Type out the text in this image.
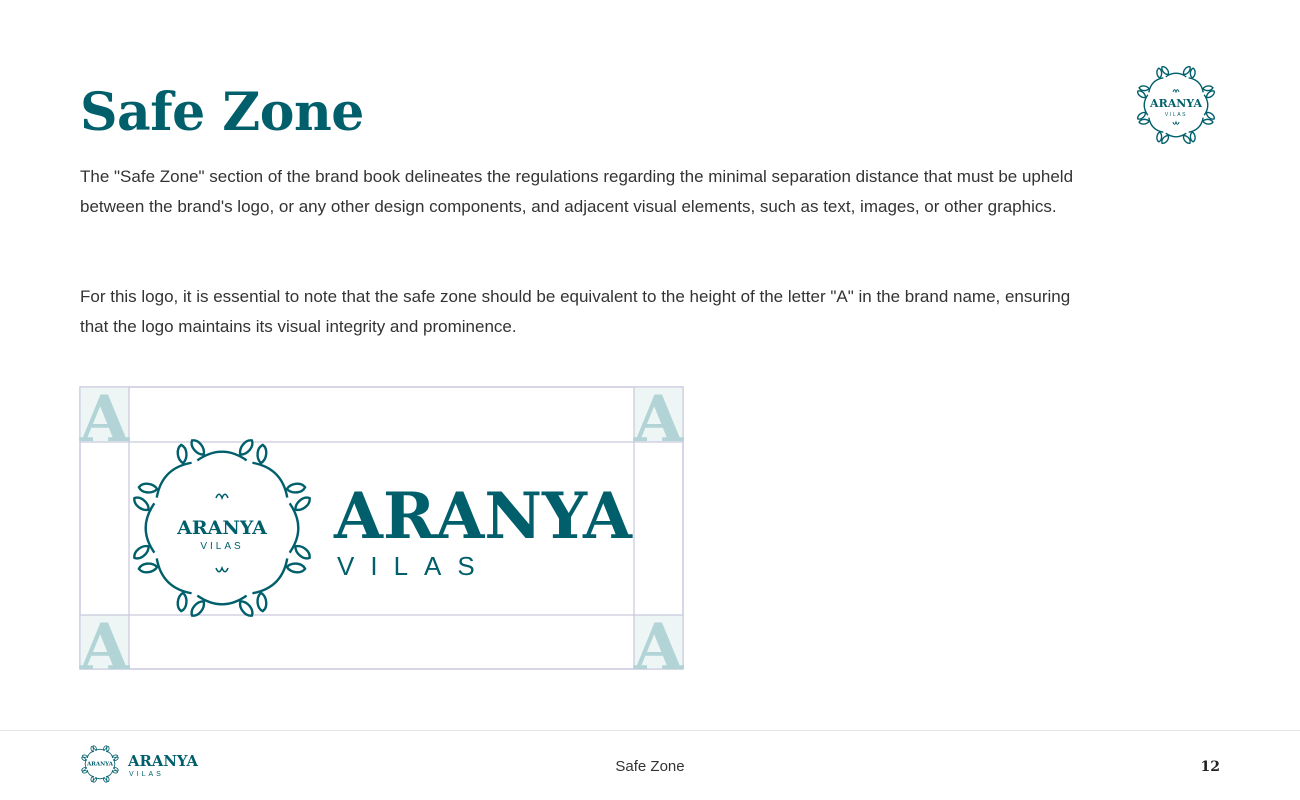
Safe Zone

The "Safe Zone" section of the brand book delineates the regulations regarding the minimal separation distance that must be upheld between the brand's logo, or any other design components, and adjacent visual elements, such as text, images, or other graphics.

For this logo, it is essential to note that the safe zone should be equivalent to the height of the letter "A" in the brand name, ensuring that the logo maintains its visual integrity and prominence.

ARANYA
VILAS
A	A
A	A
ARANYA
VILAS ARANYA
VILAS
ARANYA ARANYA
VILAS	Safe Zone	12
